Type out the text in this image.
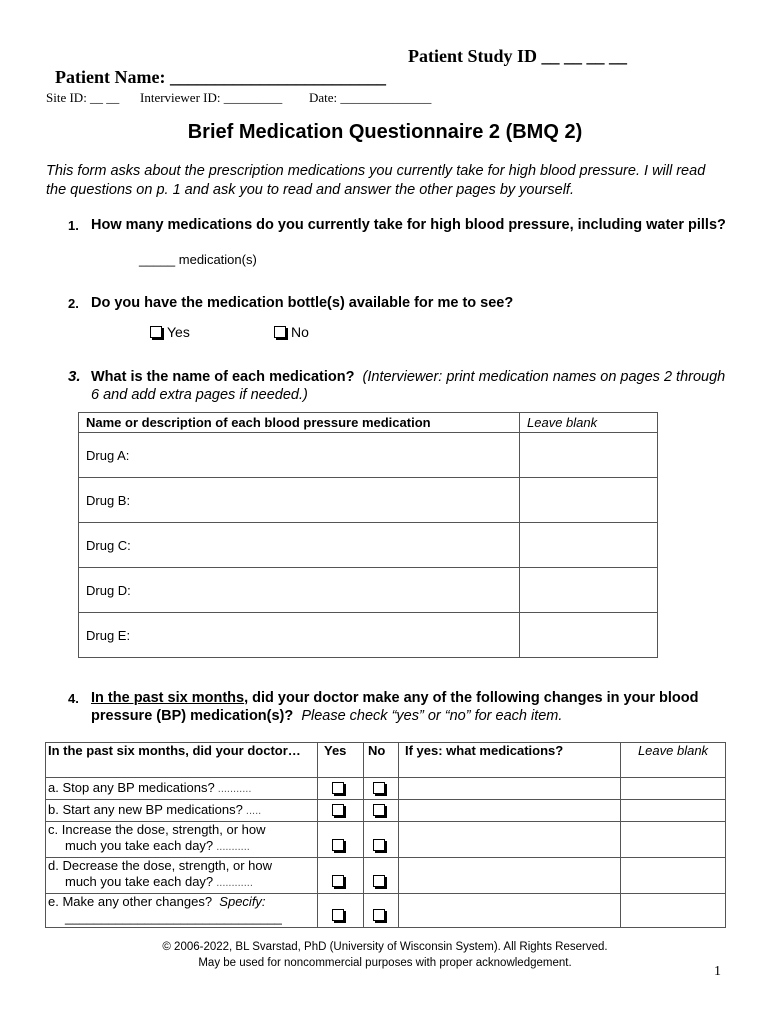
Patient Name: ________________________

Patient Study ID __ __ __ __

Site ID: __ __

Interviewer ID: _________

Date: ______________

Brief Medication Questionnaire 2 (BMQ 2)
This form asks about the prescription medications you currently take for high blood pressure. I will read the questions on p. 1 and ask you to read and answer the other pages by yourself.
1. How many medications do you currently take for high blood pressure, including water pills?
_____ medication(s)
2. Do you have the medication bottle(s) available for me to see?
Yes	No
3. What is the name of each medication? (Interviewer: print medication names on pages 2 through 6 and add extra pages if needed.)
Name or description of each blood pressure medication	Leave blank
Drug A:	
Drug B:	
Drug C:	
Drug D:	
Drug E:	
4. In the past six months, did your doctor make any of the following changes in your blood pressure (BP) medication(s)? Please check “yes” or “no” for each item.
In the past six months, did your doctor…	Yes	No	If yes: what medications?	Leave blank
a. Stop any BP medications? ...........				
b. Start any new BP medications? .....				
c. Increase the dose, strength, or how
much you take each day? ...........				

d. Decrease the dose, strength, or how
much you take each day? ............				

e. Make any other changes? Specify:
______________________________				

© 2006-2022, BL Svarstad, PhD (University of Wisconsin System). All Rights Reserved.
May be used for noncommercial purposes with proper acknowledgement.
1
